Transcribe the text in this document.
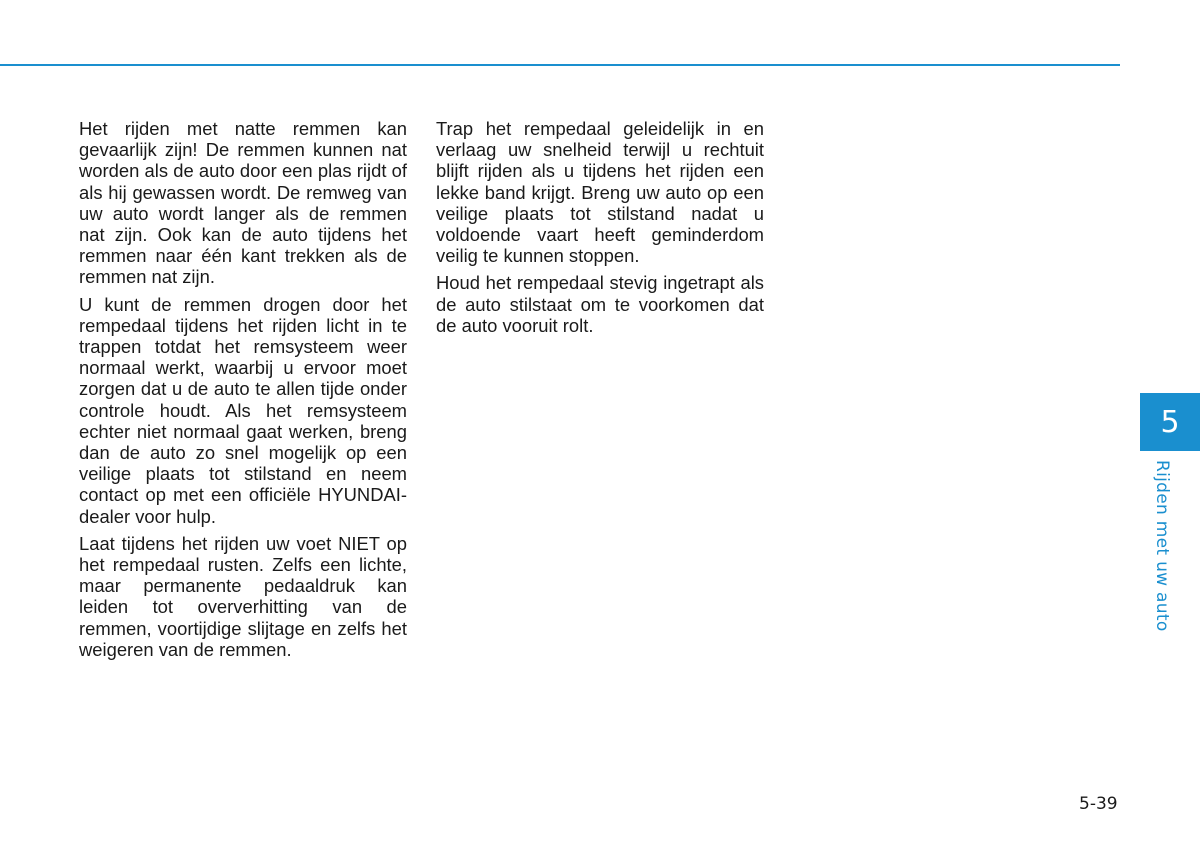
Het rijden met natte remmen kan gevaarlijk zijn! De remmen kunnen nat worden als de auto door een plas rijdt of als hij gewassen wordt. De remweg van uw auto wordt langer als de remmen nat zijn. Ook kan de auto tijdens het remmen naar één kant trekken als de remmen nat zijn.

U kunt de remmen drogen door het rempedaal tijdens het rijden licht in te trappen totdat het remsysteem weer normaal werkt, waarbij u ervoor moet zorgen dat u de auto te allen tijde onder controle houdt. Als het remsysteem echter niet normaal gaat werken, breng dan de auto zo snel mogelijk op een veilige plaats tot stilstand en neem contact op met een officiële HYUNDAI-dealer voor hulp.

Laat tijdens het rijden uw voet NIET op het rempedaal rusten. Zelfs een lichte, maar permanente pedaaldruk kan leiden tot oververhitting van de remmen, voortijdige slijtage en zelfs het weigeren van de remmen.

Trap het rempedaal geleidelijk in en verlaag uw snelheid terwijl u rechtuit blijft rijden als u tijdens het rijden een lekke band krijgt. Breng uw auto op een veilige plaats tot stilstand nadat u voldoende vaart heeft geminderdom veilig te kunnen stoppen.

Houd het rempedaal stevig ingetrapt als de auto stilstaat om te voorkomen dat de auto vooruit rolt.

5
Rijden met uw auto
5-39
